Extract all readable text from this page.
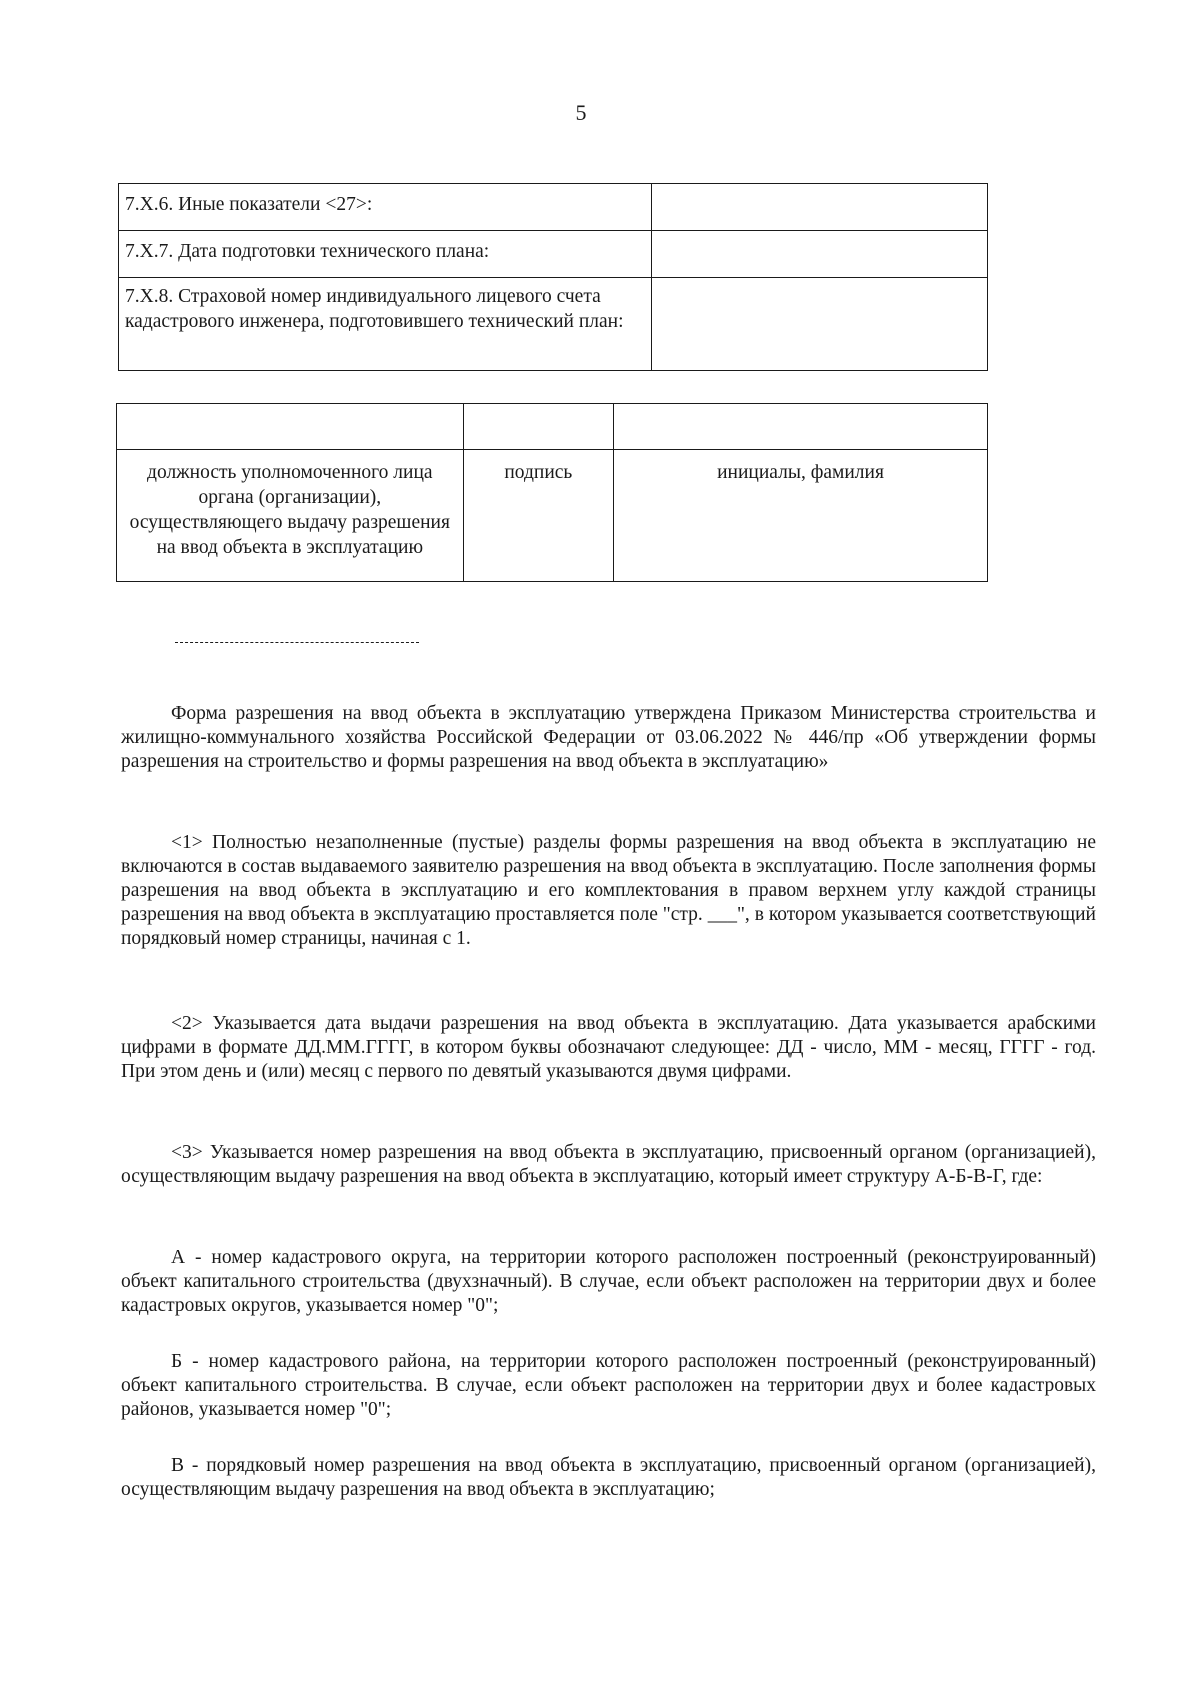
5
7.X.6. Иные показатели <27>:	
7.X.7. Дата подготовки технического плана:	
7.X.8. Страховой номер индивидуального лицевого счета кадастрового инженера, подготовившего технический план:	

должность уполномоченного лица органа (организации), осуществляющего выдачу разрешения на ввод объекта в эксплуатацию	подпись	инициалы, фамилия

Форма разрешения на ввод объекта в эксплуатацию утверждена Приказом Министерства строительства и жилищно-коммунального хозяйства Российской Федерации от 03.06.2022 № 446/пр «Об утверждении формы разрешения на строительство и формы разрешения на ввод объекта в эксплуатацию»

<1> Полностью незаполненные (пустые) разделы формы разрешения на ввод объекта в эксплуатацию не включаются в состав выдаваемого заявителю разрешения на ввод объекта в эксплуатацию. После заполнения формы разрешения на ввод объекта в эксплуатацию и его комплектования в правом верхнем углу каждой страницы разрешения на ввод объекта в эксплуатацию проставляется поле "стр. ___", в котором указывается соответствующий порядковый номер страницы, начиная с 1.

<2> Указывается дата выдачи разрешения на ввод объекта в эксплуатацию. Дата указывается арабскими цифрами в формате ДД.ММ.ГГГГ, в котором буквы обозначают следующее: ДД - число, ММ - месяц, ГГГГ - год. При этом день и (или) месяц с первого по девятый указываются двумя цифрами.

<3> Указывается номер разрешения на ввод объекта в эксплуатацию, присвоенный органом (организацией), осуществляющим выдачу разрешения на ввод объекта в эксплуатацию, который имеет структуру А-Б-В-Г, где:

А - номер кадастрового округа, на территории которого расположен построенный (реконструированный) объект капитального строительства (двухзначный). В случае, если объект расположен на территории двух и более кадастровых округов, указывается номер "0";

Б - номер кадастрового района, на территории которого расположен построенный (реконструированный) объект капитального строительства. В случае, если объект расположен на территории двух и более кадастровых районов, указывается номер "0";

В - порядковый номер разрешения на ввод объекта в эксплуатацию, присвоенный органом (организацией), осуществляющим выдачу разрешения на ввод объекта в эксплуатацию;
